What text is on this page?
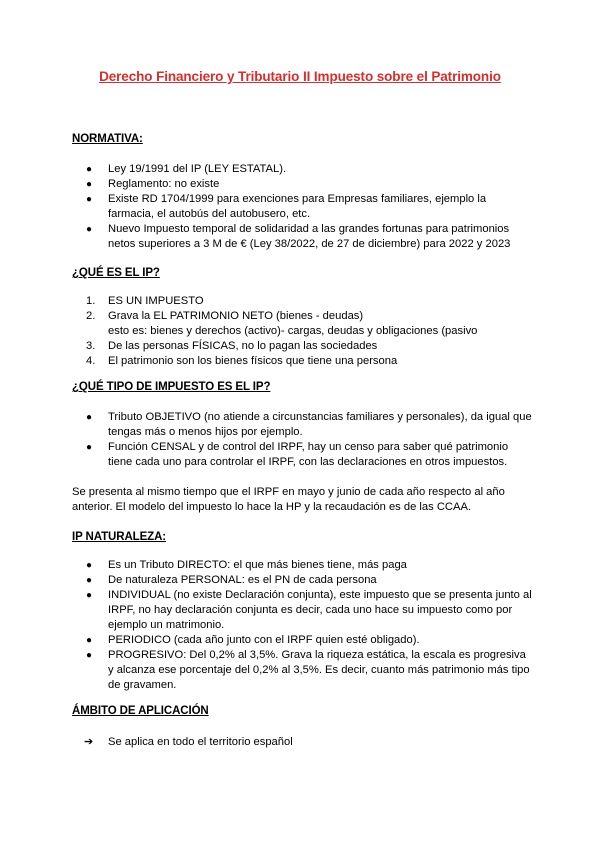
Derecho Financiero y Tributario II Impuesto sobre el Patrimonio
NORMATIVA:
● Ley 19/1991 del IP (LEY ESTATAL).
● Reglamento: no existe
● Existe RD 1704/1999 para exenciones para Empresas familiares, ejemplo la farmacia, el autobús del autobusero, etc.
● Nuevo Impuesto temporal de solidaridad a las grandes fortunas para patrimonios netos superiores a 3 M de € (Ley 38/2022, de 27 de diciembre) para 2022 y 2023
¿QUÉ ES EL IP?
1. ES UN IMPUESTO
2. Grava la EL PATRIMONIO NETO (bienes - deudas)
esto es: bienes y derechos (activo)- cargas, deudas y obligaciones (pasivo
3. De las personas FÍSICAS, no lo pagan las sociedades
4. El patrimonio son los bienes físicos que tiene una persona
¿QUÉ TIPO DE IMPUESTO ES EL IP?
● Tributo OBJETIVO (no atiende a circunstancias familiares y personales), da igual que tengas más o menos hijos por ejemplo.
● Función CENSAL y de control del IRPF, hay un censo para saber qué patrimonio tiene cada uno para controlar el IRPF, con las declaraciones en otros impuestos.
Se presenta al mismo tiempo que el IRPF en mayo y junio de cada año respecto al año anterior. El modelo del impuesto lo hace la HP y la recaudación es de las CCAA.
IP NATURALEZA:
● Es un Tributo DIRECTO: el que más bienes tiene, más paga
● De naturaleza PERSONAL: es el PN de cada persona
● INDIVIDUAL (no existe Declaración conjunta), este impuesto que se presenta junto al IRPF, no hay declaración conjunta es decir, cada uno hace su impuesto como por ejemplo un matrimonio.
● PERIODICO (cada año junto con el IRPF quien esté obligado).
● PROGRESIVO: Del 0,2% al 3,5%. Grava la riqueza estática, la escala es progresiva y alcanza ese porcentaje del 0,2% al 3,5%. Es decir, cuanto más patrimonio más tipo de gravamen.
ÁMBITO DE APLICACIÓN
➔ Se aplica en todo el territorio español
